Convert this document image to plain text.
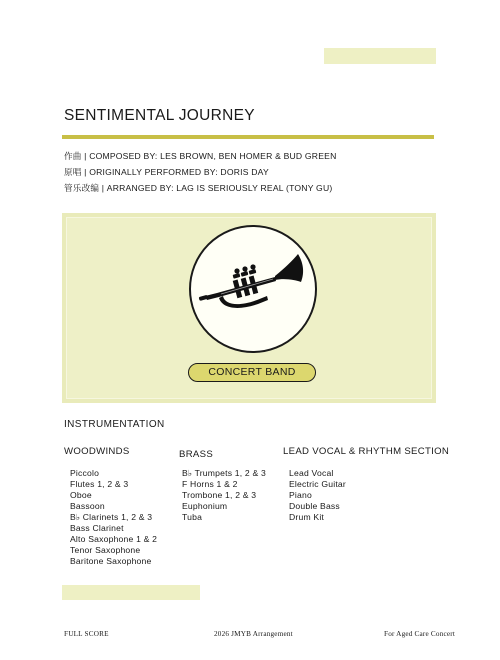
SENTIMENTAL JOURNEY
作曲 | COMPOSED BY: LES BROWN, BEN HOMER & BUD GREEN
原唱 | ORIGINALLY PERFORMED BY: DORIS DAY
管乐改编 | ARRANGED BY: LAG IS SERIOUSLY REAL (TONY GU)
CONCERT BAND
INSTRUMENTATION
WOODWINDS
Piccolo
Flutes 1, 2 & 3
Oboe
Bassoon
B♭ Clarinets 1, 2 & 3
Bass Clarinet
Alto Saxophone 1 & 2
Tenor Saxophone
Baritone Saxophone
BRASS
B♭ Trumpets 1, 2 & 3
F Horns 1 & 2
Trombone 1, 2 & 3
Euphonium
Tuba
LEAD VOCAL & RHYTHM SECTION
Lead Vocal
Electric Guitar
Piano
Double Bass
Drum Kit
FULL SCORE	2026 JMYB Arrangement	For Aged Care Concert
